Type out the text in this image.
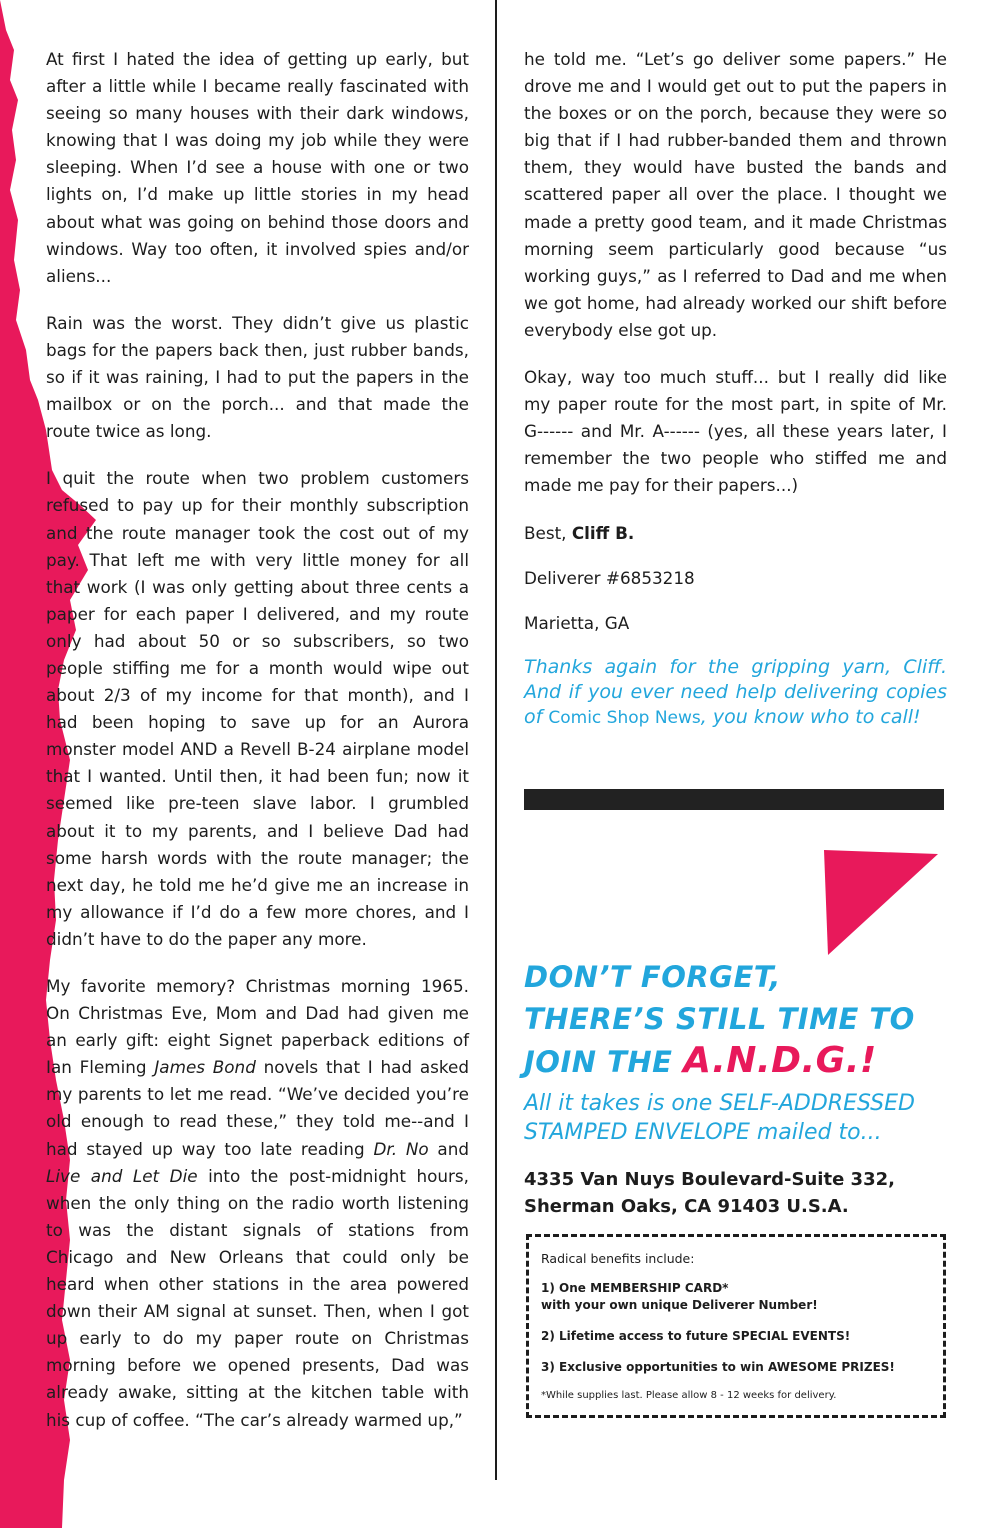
At first I hated the idea of getting up early, but after a little while I became really fascinated with seeing so many houses with their dark windows, knowing that I was doing my job while they were sleeping. When I’d see a house with one or two lights on, I’d make up little stories in my head about what was going on behind those doors and windows. Way too often, it involved spies and/or aliens...

Rain was the worst. They didn’t give us plastic bags for the papers back then, just rubber bands, so if it was raining, I had to put the papers in the mailbox or on the porch... and that made the route twice as long.

I quit the route when two problem customers refused to pay up for their monthly subscription and the route manager took the cost out of my pay. That left me with very little money for all that work (I was only getting about three cents a paper for each paper I delivered, and my route only had about 50 or so subscribers, so two people stiffing me for a month would wipe out about 2/3 of my income for that month), and I had been hoping to save up for an Aurora monster model AND a Revell B-24 airplane model that I wanted. Until then, it had been fun; now it seemed like pre-teen slave labor. I grumbled about it to my parents, and I believe Dad had some harsh words with the route manager; the next day, he told me he’d give me an increase in my allowance if I’d do a few more chores, and I didn’t have to do the paper any more.

My favorite memory? Christmas morning 1965. On Christmas Eve, Mom and Dad had given me an early gift: eight Signet paperback editions of Ian Fleming James Bond novels that I had asked my parents to let me read. “We’ve decided you’re old enough to read these,” they told me--and I had stayed up way too late reading Dr. No and Live and Let Die into the post-midnight hours, when the only thing on the radio worth listening to was the distant signals of stations from Chicago and New Orleans that could only be heard when other stations in the area powered down their AM signal at sunset. Then, when I got up early to do my paper route on Christmas morning before we opened presents, Dad was already awake, sitting at the kitchen table with his cup of coffee. “The car’s already warmed up,”

he told me. “Let’s go deliver some papers.” He drove me and I would get out to put the papers in the boxes or on the porch, because they were so big that if I had rubber-banded them and thrown them, they would have busted the bands and scattered paper all over the place. I thought we made a pretty good team, and it made Christmas morning seem particularly good because “us working guys,” as I referred to Dad and me when we got home, had already worked our shift before everybody else got up.

Okay, way too much stuff... but I really did like my paper route for the most part, in spite of Mr. G------ and Mr. A------ (yes, all these years later, I remember the two people who stiffed me and made me pay for their papers...)

Best, Cliff B.

Deliverer #6853218

Marietta, GA

Thanks again for the gripping yarn, Cliff. And if you ever need help delivering copies of Comic Shop News, you know who to call!

DON’T FORGET,
THERE’S STILL TIME TO
JOIN THE A.N.D.G.!

All it takes is one SELF-ADDRESSED
STAMPED ENVELOPE mailed to...

4335 Van Nuys Boulevard-Suite 332,
Sherman Oaks, CA 91403 U.S.A.

Radical benefits include:

1) One MEMBERSHIP CARD*
with your own unique Deliverer Number!

2) Lifetime access to future SPECIAL EVENTS!

3) Exclusive opportunities to win AWESOME PRIZES!

*While supplies last. Please allow 8 - 12 weeks for delivery.
